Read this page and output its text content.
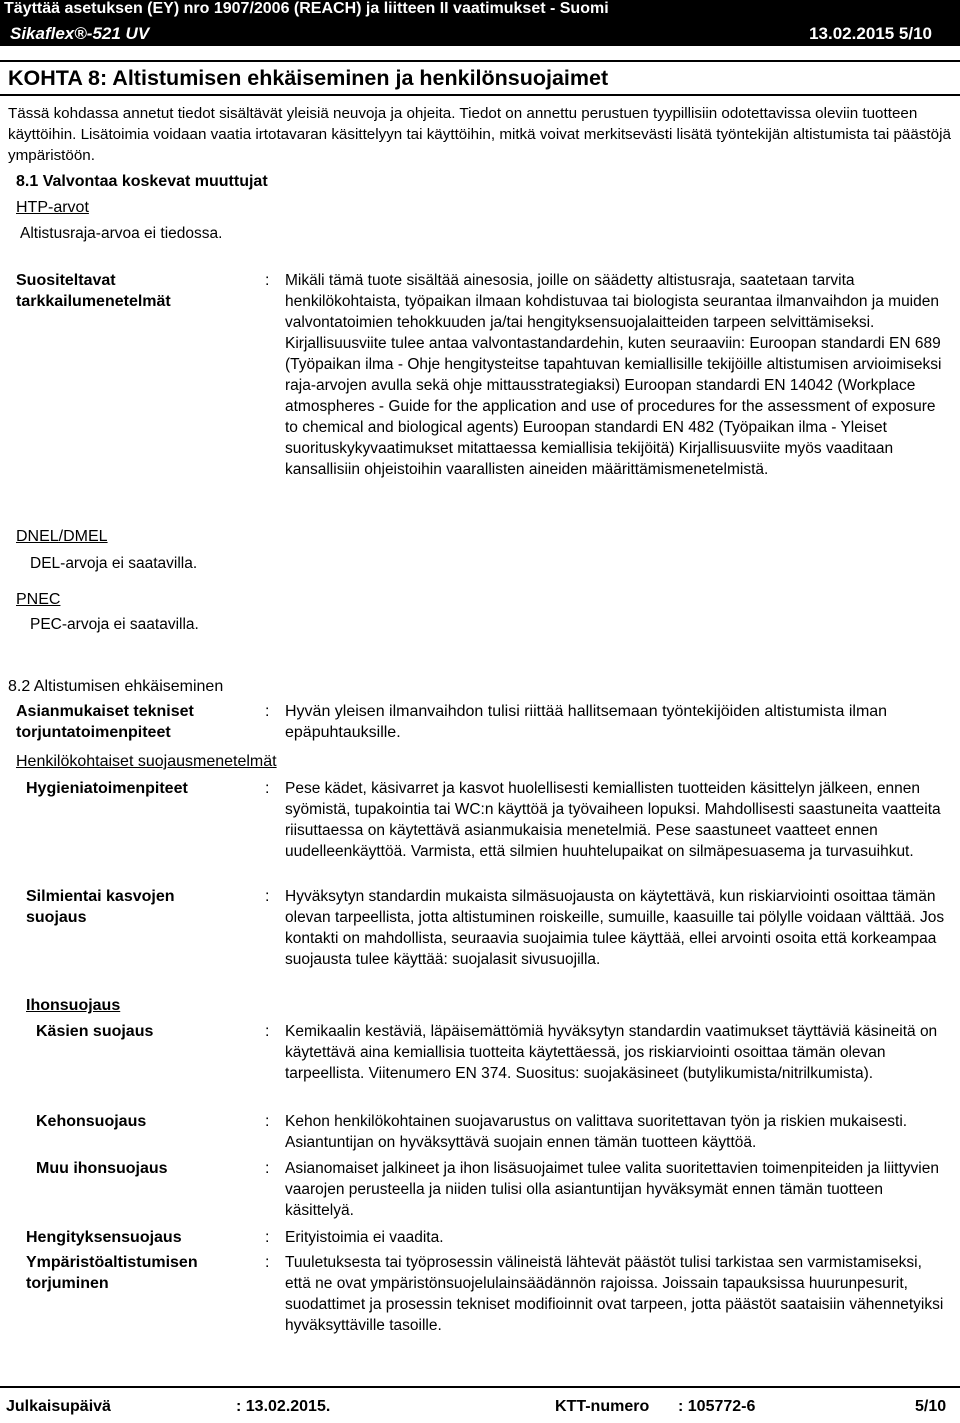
Täyttää asetuksen (EY) nro 1907/2006 (REACH) ja liitteen II vaatimukset - Suomi
Sikaflex®-521 UV	13.02.2015 5/10
KOHTA 8: Altistumisen ehkäiseminen ja henkilönsuojaimet
Tässä kohdassa annetut tiedot sisältävät yleisiä neuvoja ja ohjeita. Tiedot on annettu perustuen tyypillisiin odotettavissa oleviin tuotteen käyttöihin. Lisätoimia voidaan vaatia irtotavaran käsittelyyn tai käyttöihin, mitkä voivat merkitsevästi lisätä työntekijän altistumista tai päästöjä ympäristöön.
8.1 Valvontaa koskevat muuttujat
HTP-arvot
Altistusraja-arvoa ei tiedossa.
Suositeltavat
tarkkailumenetelmät
: Mikäli tämä tuote sisältää ainesosia, joille on säädetty altistusraja, saatetaan tarvita henkilökohtaista, työpaikan ilmaan kohdistuvaa tai biologista seurantaa ilmanvaihdon ja muiden valvontatoimien tehokkuuden ja/tai hengityksensuojalaitteiden tarpeen selvittämiseksi. Kirjallisuusviite tulee antaa valvontastandardehin, kuten seuraaviin: Euroopan standardi EN 689 (Työpaikan ilma - Ohje hengitysteitse tapahtuvan kemiallisille tekijöille altistumisen arvioimiseksi raja-arvojen avulla sekä ohje mittausstrategiaksi) Euroopan standardi EN 14042 (Workplace atmospheres - Guide for the application and use of procedures for the assessment of exposure to chemical and biological agents) Euroopan standardi EN 482 (Työpaikan ilma - Yleiset suorituskykyvaatimukset mitattaessa kemiallisia tekijöitä) Kirjallisuusviite myös vaaditaan kansallisiin ohjeistoihin vaarallisten aineiden määrittämismenetelmistä.
DNEL/DMEL
DEL-arvoja ei saatavilla.
PNEC
PEC-arvoja ei saatavilla.
8.2 Altistumisen ehkäiseminen
Asianmukaiset tekniset
torjuntatoimenpiteet
: Hyvän yleisen ilmanvaihdon tulisi riittää hallitsemaan työntekijöiden altistumista ilman epäpuhtauksille.
Henkilökohtaiset suojausmenetelmät
Hygieniatoimenpiteet	: Pese kädet, käsivarret ja kasvot huolellisesti kemiallisten tuotteiden käsittelyn jälkeen, ennen syömistä, tupakointia tai WC:n käyttöä ja työvaiheen lopuksi. Mahdollisesti saastuneita vaatteita riisuttaessa on käytettävä asianmukaisia menetelmiä. Pese saastuneet vaatteet ennen uudelleenkäyttöä. Varmista, että silmien huuhtelupaikat on silmäpesuasema ja turvasuihkut.
Silmientai kasvojen
suojaus
: Hyväksytyn standardin mukaista silmäsuojausta on käytettävä, kun riskiarviointi osoittaa tämän olevan tarpeellista, jotta altistuminen roiskeille, sumuille, kaasuille tai pölylle voidaan välttää. Jos kontakti on mahdollista, seuraavia suojaimia tulee käyttää, ellei arvointi osoita että korkeampaa suojausta tulee käyttää: suojalasit sivusuojilla.
Ihonsuojaus
Käsien suojaus	: Kemikaalin kestäviä, läpäisemättömiä hyväksytyn standardin vaatimukset täyttäviä käsineitä on käytettävä aina kemiallisia tuotteita käytettäessä, jos riskiarviointi osoittaa tämän olevan tarpeellista. Viitenumero EN 374. Suositus: suojakäsineet (butylikumista/nitrilkumista).
Kehonsuojaus	: Kehon henkilökohtainen suojavarustus on valittava suoritettavan työn ja riskien mukaisesti. Asiantuntijan on hyväksyttävä suojain ennen tämän tuotteen käyttöä.
Muu ihonsuojaus	: Asianomaiset jalkineet ja ihon lisäsuojaimet tulee valita suoritettavien toimenpiteiden ja liittyvien vaarojen perusteella ja niiden tulisi olla asiantuntijan hyväksymät ennen tämän tuotteen käsittelyä.
Hengityksensuojaus	: Erityistoimia ei vaadita.
Ympäristöaltistumisen
torjuminen
: Tuuletuksesta tai työprosessin välineistä lähtevät päästöt tulisi tarkistaa sen varmistamiseksi, että ne ovat ympäristönsuojelulainsäädännön rajoissa. Joissain tapauksissa huurunpesurit, suodattimet ja prosessin tekniset modifioinnit ovat tarpeen, jotta päästöt saataisiin vähennetyiksi hyväksyttäville tasoille.
Julkaisupäivä	: 13.02.2015.	KTT-numero : 105772-6	5/10
